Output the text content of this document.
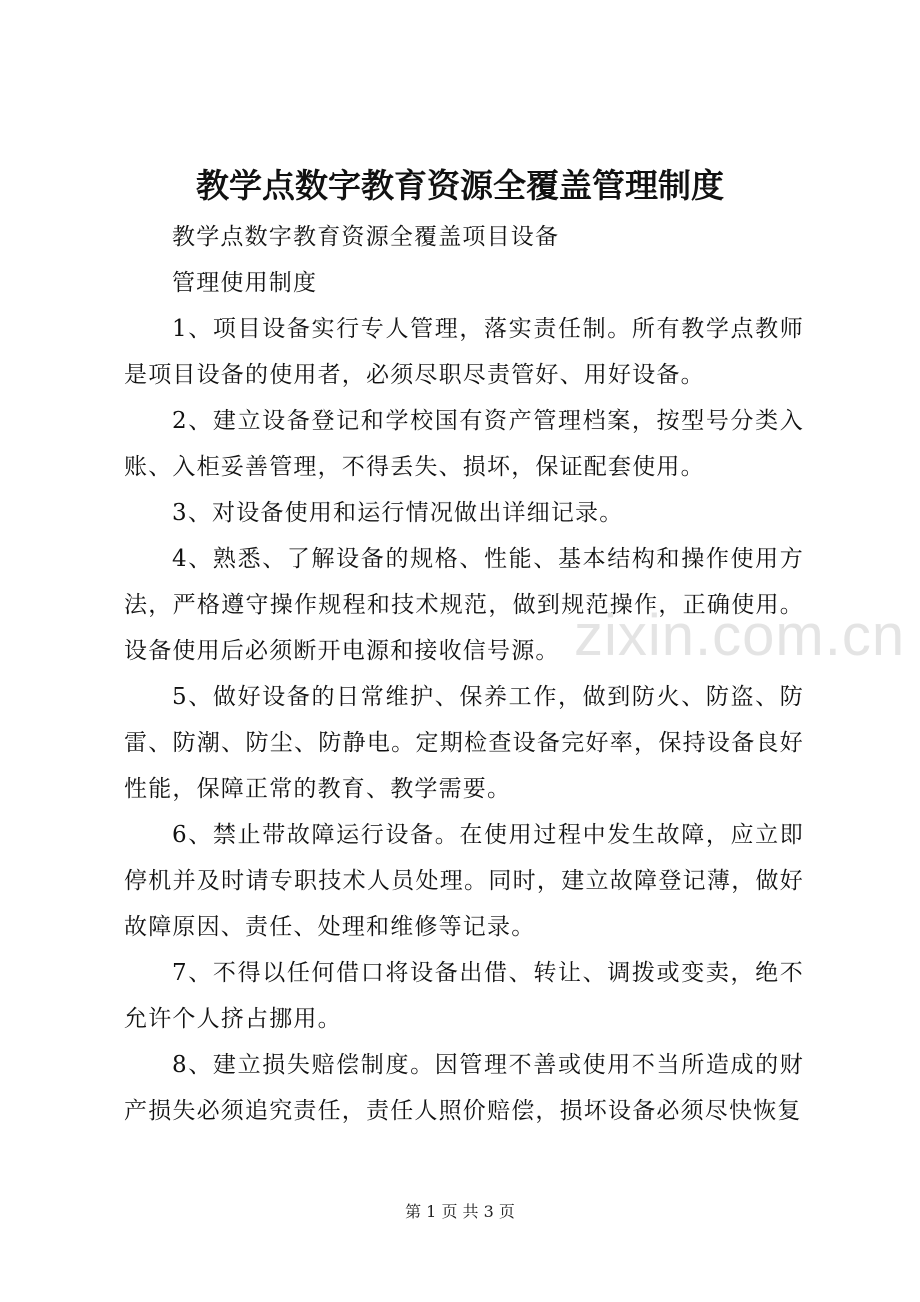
教学点数字教育资源全覆盖管理制度

教学点数字教育资源全覆盖项目设备

管理使用制度

1、项目设备实行专人管理，落实责任制。所有教学点教师是项目设备的使用者，必须尽职尽责管好、用好设备。

2、建立设备登记和学校国有资产管理档案，按型号分类入账、入柜妥善管理，不得丢失、损坏，保证配套使用。

3、对设备使用和运行情况做出详细记录。

4、熟悉、了解设备的规格、性能、基本结构和操作使用方法，严格遵守操作规程和技术规范，做到规范操作，正确使用。设备使用后必须断开电源和接收信号源。

5、做好设备的日常维护、保养工作，做到防火、防盗、防雷、防潮、防尘、防静电。定期检查设备完好率，保持设备良好性能，保障正常的教育、教学需要。

6、禁止带故障运行设备。在使用过程中发生故障，应立即停机并及时请专职技术人员处理。同时，建立故障登记薄，做好故障原因、责任、处理和维修等记录。

7、不得以任何借口将设备出借、转让、调拨或变卖，绝不允许个人挤占挪用。

8、建立损失赔偿制度。因管理不善或使用不当所造成的财产损失必须追究责任，责任人照价赔偿，损坏设备必须尽快恢复

zixin.com.cn
第 1 页 共 3 页
